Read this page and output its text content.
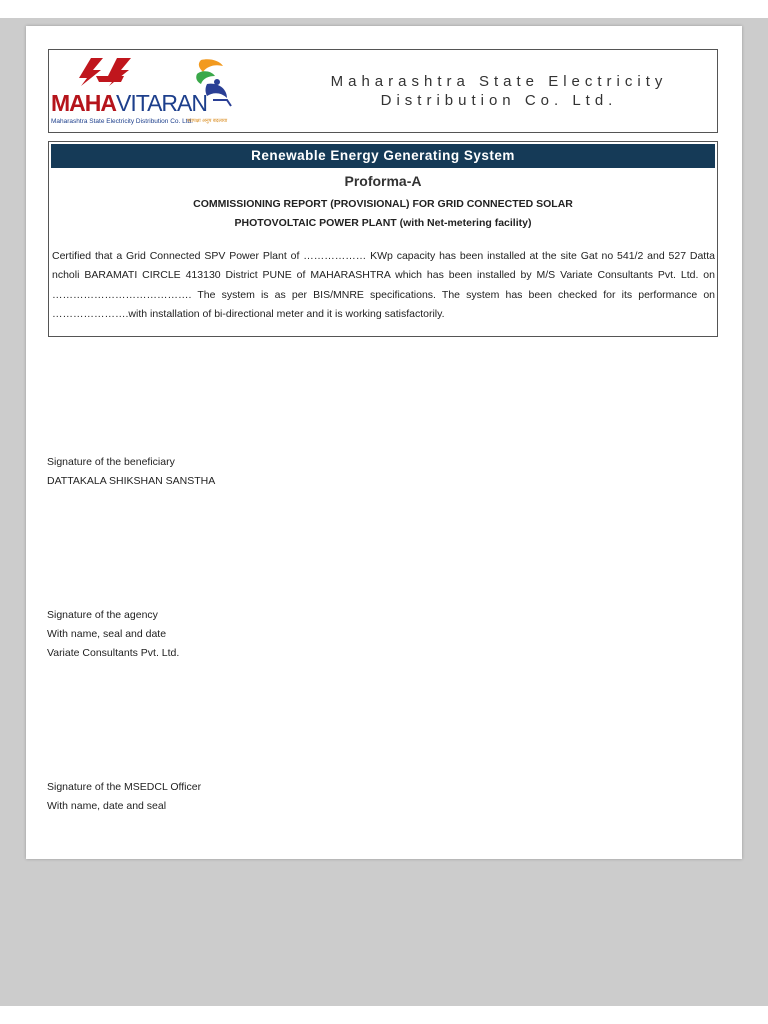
MAHAVITARAN
Maharashtra State Electricity Distribution Co. Ltd.
व्यापक्षा अनुप बदलाया
Maharashtra State Electricity
Distribution Co. Ltd.
Renewable Energy Generating System
Proforma-A
COMMISSIONING REPORT (PROVISIONAL) FOR GRID CONNECTED SOLAR
PHOTOVOLTAIC POWER PLANT (with Net-metering facility)
Certified that a Grid Connected SPV Power Plant of ……………… KWp capacity has been installed at the site Gat no 541/2 and 527 Datta ncholi BARAMATI CIRCLE 413130 District PUNE of MAHARASHTRA which has been installed by M/S Variate Consultants Pvt. Ltd. on …………………………………. The system is as per BIS/MNRE specifications. The system has been checked for its performance on ………………….with installation of bi-directional meter and it is working satisfactorily.
Signature of the beneficiary
DATTAKALA SHIKSHAN SANSTHA
Signature of the agency
With name, seal and date
Variate Consultants Pvt. Ltd.
Signature of the MSEDCL Officer
With name, date and seal
